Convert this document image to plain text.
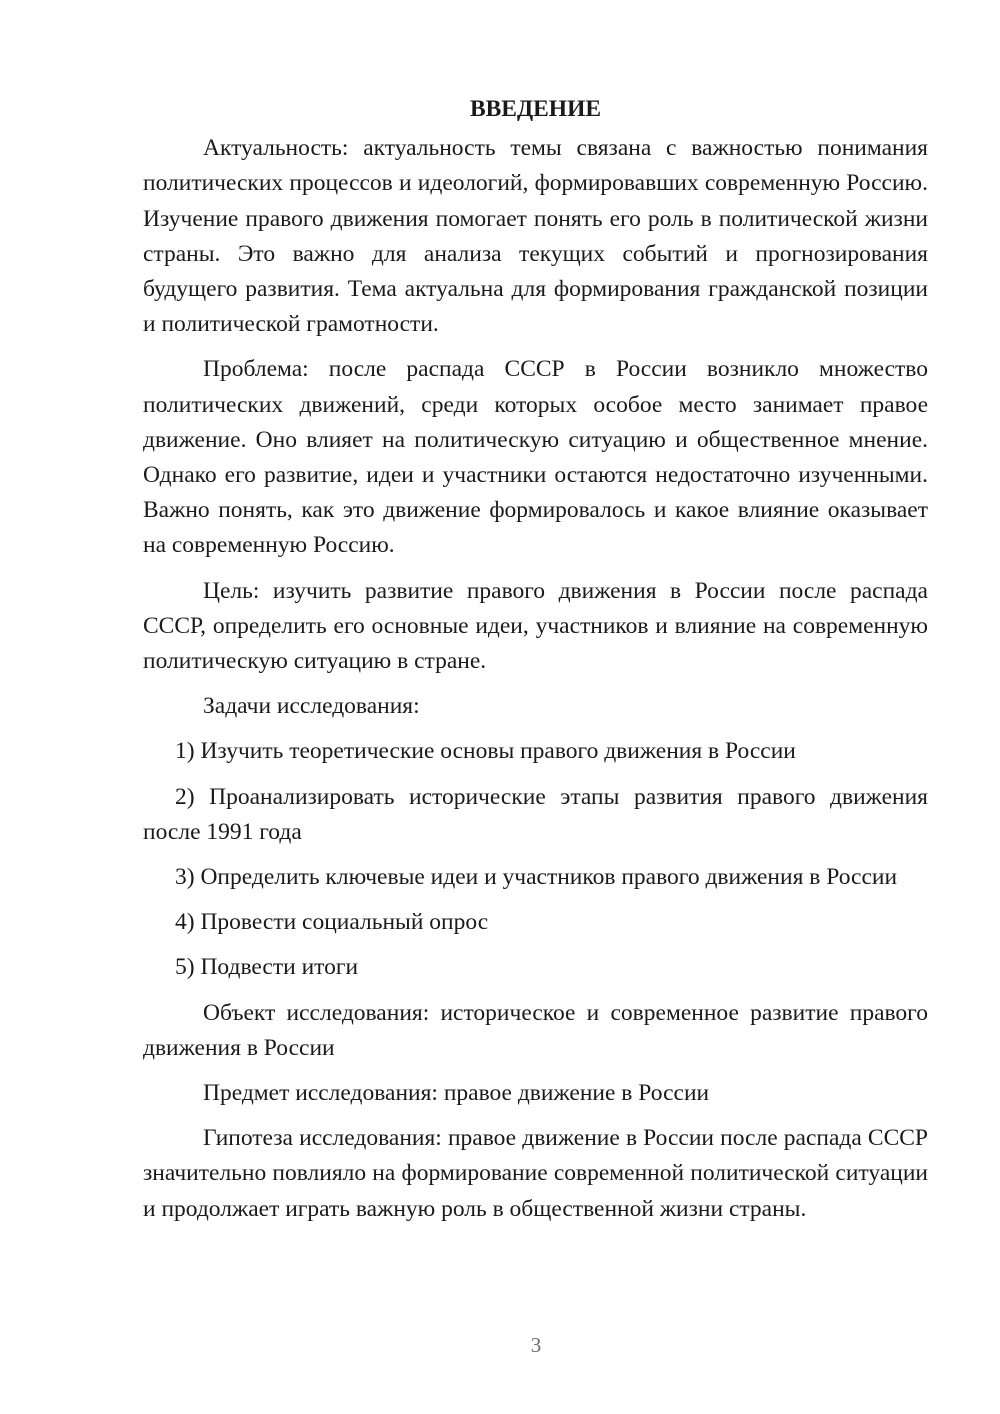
ВВЕДЕНИЕ

Актуальность: актуальность темы связана с важностью понимания политических процессов и идеологий, формировавших современную Россию. Изучение правого движения помогает понять его роль в политической жизни страны. Это важно для анализа текущих событий и прогнозирования будущего развития. Тема актуальна для формирования гражданской позиции и политической грамотности.

Проблема: после распада СССР в России возникло множество политических движений, среди которых особое место занимает правое движение. Оно влияет на политическую ситуацию и общественное мнение. Однако его развитие, идеи и участники остаются недостаточно изученными. Важно понять, как это движение формировалось и какое влияние оказывает на современную Россию.

Цель: изучить развитие правого движения в России после распада СССР, определить его основные идеи, участников и влияние на современную политическую ситуацию в стране.

Задачи исследования:

1) Изучить теоретические основы правого движения в России

2) Проанализировать исторические этапы развития правого движения после 1991 года

3) Определить ключевые идеи и участников правого движения в России

4) Провести социальный опрос

5) Подвести итоги

Объект исследования: историческое и современное развитие правого движения в России

Предмет исследования: правое движение в России

Гипотеза исследования: правое движение в России после распада СССР значительно повлияло на формирование современной политической ситуации и продолжает играть важную роль в общественной жизни страны.

3
